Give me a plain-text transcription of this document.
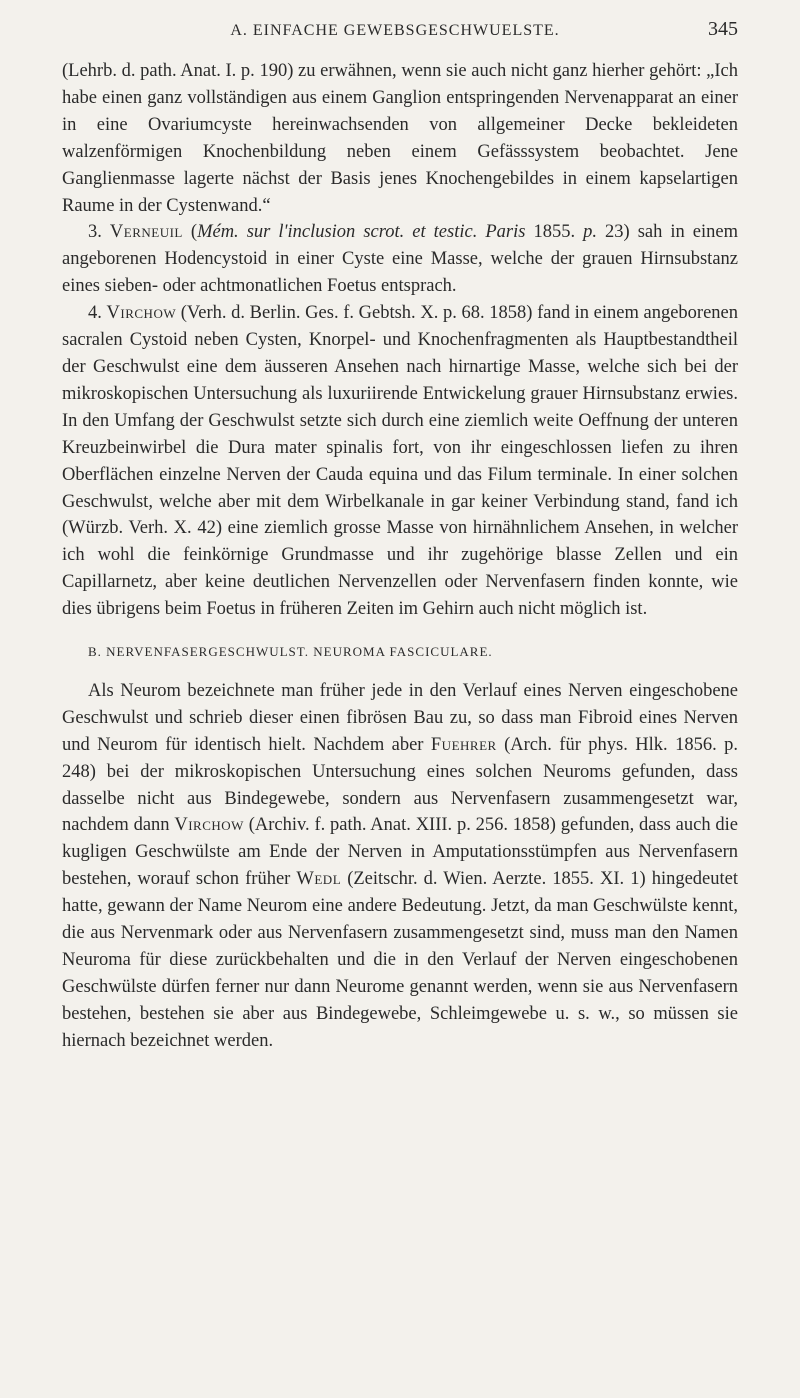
A. EINFACHE GEWEBSGESCHWUELSTE.	345

(Lehrb. d. path. Anat. I. p. 190) zu erwähnen, wenn sie auch nicht ganz hierher gehört: „Ich habe einen ganz vollständigen aus einem Ganglion entspringenden Nervenapparat an einer in eine Ovariumcyste hereinwachsenden von allgemeiner Decke bekleideten walzenförmigen Knochenbildung neben einem Gefässsystem beobachtet. Jene Ganglienmasse lagerte nächst der Basis jenes Knochengebildes in einem kapselartigen Raume in der Cystenwand.“

3. Verneuil (Mém. sur l'inclusion scrot. et testic. Paris 1855. p. 23) sah in einem angeborenen Hodencystoid in einer Cyste eine Masse, welche der grauen Hirnsubstanz eines sieben- oder achtmonatlichen Foetus entsprach.

4. Virchow (Verh. d. Berlin. Ges. f. Gebtsh. X. p. 68. 1858) fand in einem angeborenen sacralen Cystoid neben Cysten, Knorpel- und Knochenfragmenten als Hauptbestandtheil der Geschwulst eine dem äusseren Ansehen nach hirnartige Masse, welche sich bei der mikroskopischen Untersuchung als luxuriirende Entwickelung grauer Hirnsubstanz erwies. In den Umfang der Geschwulst setzte sich durch eine ziemlich weite Oeffnung der unteren Kreuzbeinwirbel die Dura mater spinalis fort, von ihr eingeschlossen liefen zu ihren Oberflächen einzelne Nerven der Cauda equina und das Filum terminale. In einer solchen Geschwulst, welche aber mit dem Wirbelkanale in gar keiner Verbindung stand, fand ich (Würzb. Verh. X. 42) eine ziemlich grosse Masse von hirnähnlichem Ansehen, in welcher ich wohl die feinkörnige Grundmasse und ihr zugehörige blasse Zellen und ein Capillarnetz, aber keine deutlichen Nervenzellen oder Nervenfasern finden konnte, wie dies übrigens beim Foetus in früheren Zeiten im Gehirn auch nicht möglich ist.

B. NERVENFASERGESCHWULST. NEUROMA FASCICULARE.

Als Neurom bezeichnete man früher jede in den Verlauf eines Nerven eingeschobene Geschwulst und schrieb dieser einen fibrösen Bau zu, so dass man Fibroid eines Nerven und Neurom für identisch hielt. Nachdem aber Fuehrer (Arch. für phys. Hlk. 1856. p. 248) bei der mikroskopischen Untersuchung eines solchen Neuroms gefunden, dass dasselbe nicht aus Bindegewebe, sondern aus Nervenfasern zusammengesetzt war, nachdem dann Virchow (Archiv. f. path. Anat. XIII. p. 256. 1858) gefunden, dass auch die kugligen Geschwülste am Ende der Nerven in Amputationsstümpfen aus Nervenfasern bestehen, worauf schon früher Wedl (Zeitschr. d. Wien. Aerzte. 1855. XI. 1) hingedeutet hatte, gewann der Name Neurom eine andere Bedeutung. Jetzt, da man Geschwülste kennt, die aus Nervenmark oder aus Nervenfasern zusammengesetzt sind, muss man den Namen Neuroma für diese zurückbehalten und die in den Verlauf der Nerven eingeschobenen Geschwülste dürfen ferner nur dann Neurome genannt werden, wenn sie aus Nervenfasern bestehen, bestehen sie aber aus Bindegewebe, Schleimgewebe u. s. w., so müssen sie hiernach bezeichnet werden.
